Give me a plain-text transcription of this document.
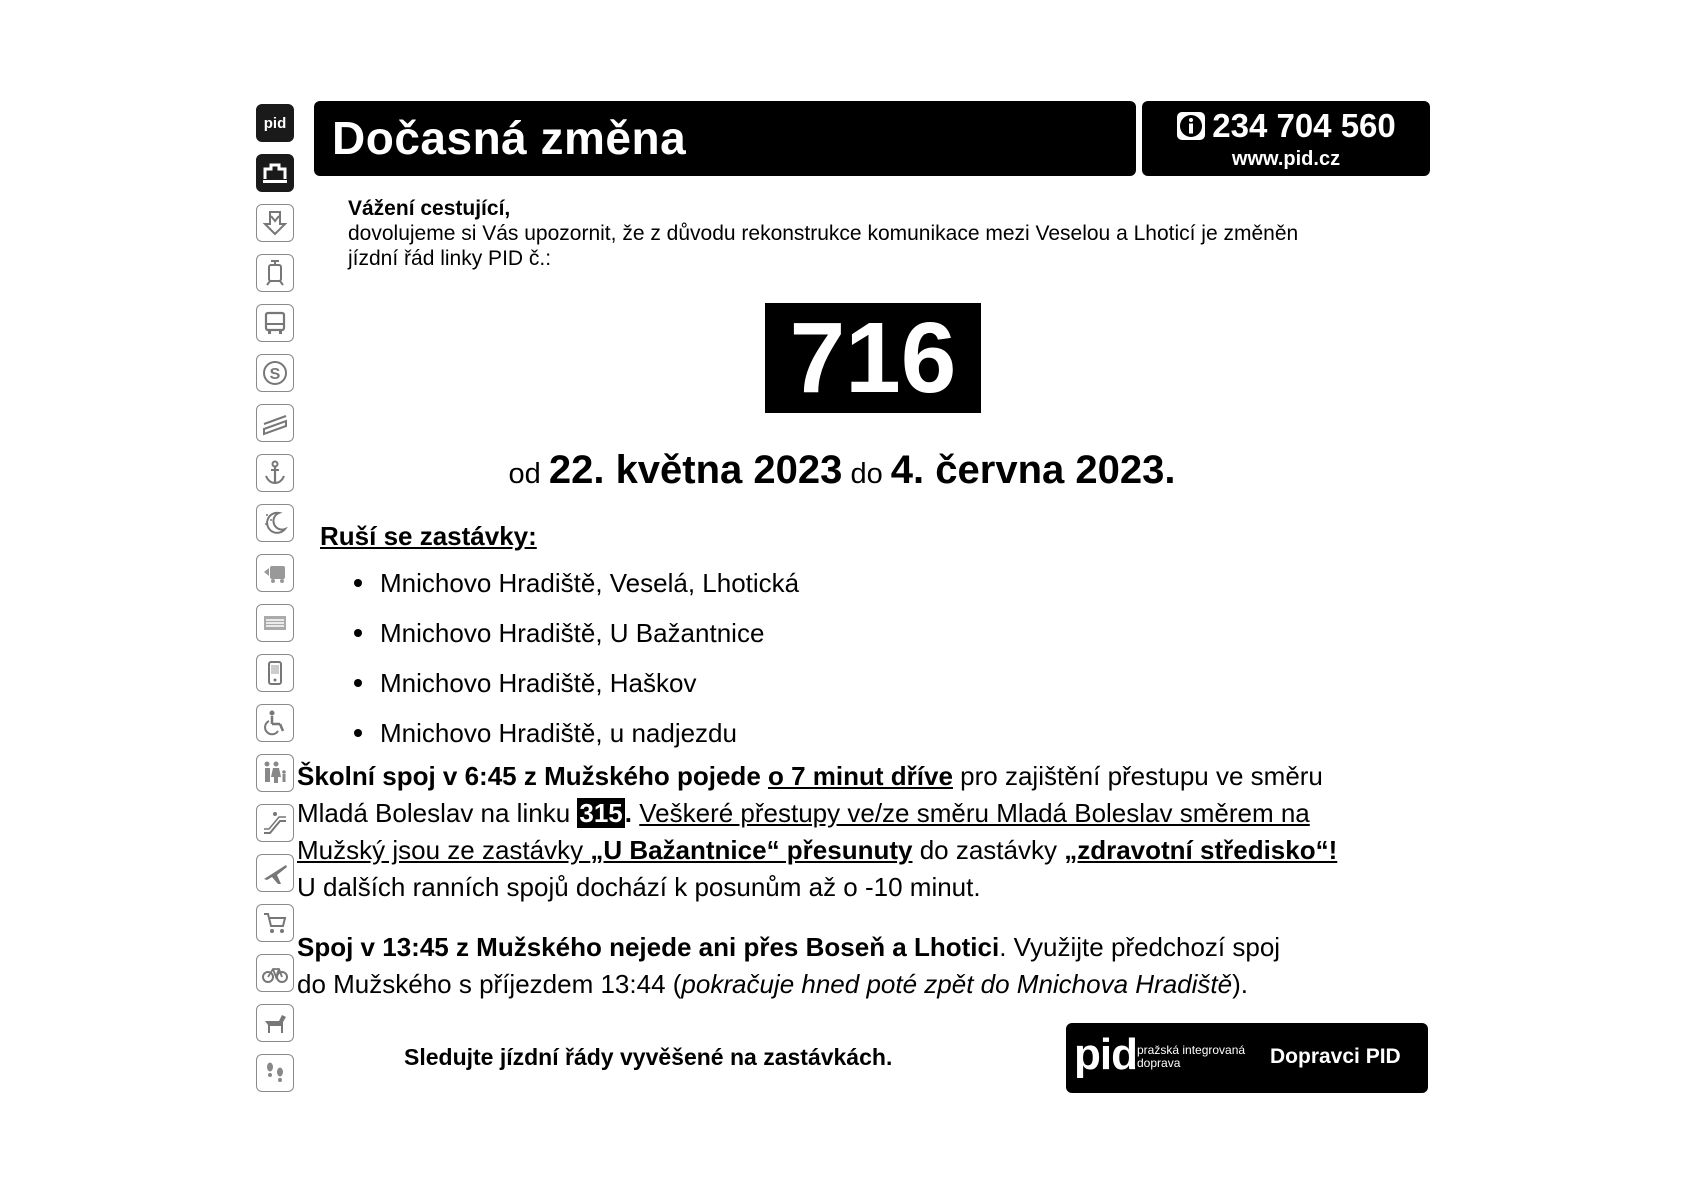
pid
S
Dočasná změna	234 704 560
www.pid.cz
Vážení cestující,
dovolujeme si Vás upozornit, že z důvodu rekonstrukce komunikace mezi Veselou a Lhoticí je změněn
jízdní řád linky PID č.:
716
od 22. května 2023 do 4. června 2023.
Ruší se zastávky:
Mnichovo Hradiště, Veselá, Lhotická
Mnichovo Hradiště, U Bažantnice
Mnichovo Hradiště, Haškov
Mnichovo Hradiště, u nadjezdu
Školní spoj v 6:45 z Mužského pojede o 7 minut dříve pro zajištění přestupu ve směru
Mladá Boleslav na linku 315. Veškeré přestupy ve/ze směru Mladá Boleslav směrem na
Mužský jsou ze zastávky „U Bažantnice“ přesunuty do zastávky „zdravotní středisko“!
U dalších ranních spojů dochází k posunům až o -10 minut.
Spoj v 13:45 z Mužského nejede ani přes Boseň a Lhotici. Využijte předchozí spoj
do Mužského s příjezdem 13:44 (pokračuje hned poté zpět do Mnichova Hradiště).
Sledujte jízdní řády vyvěšené na zastávkách.	pid pražská integrovaná
doprava	Dopravci PID
